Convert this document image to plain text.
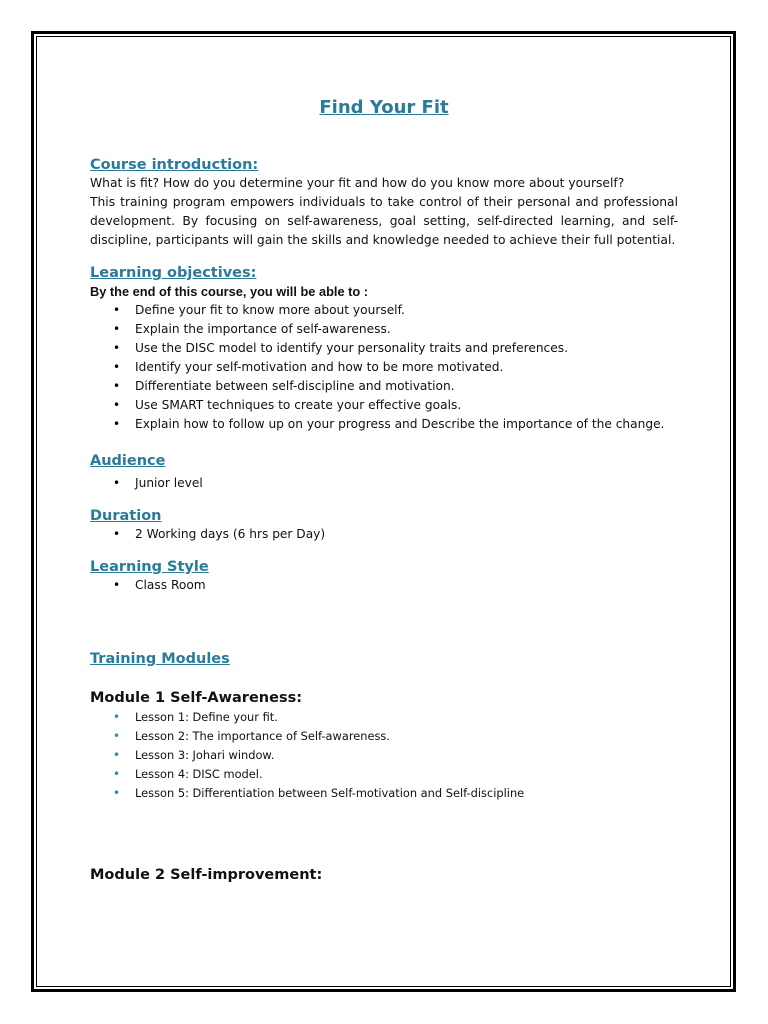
Find Your Fit
Course introduction:

What is fit? How do you determine your fit and how do you know more about yourself?

This training program empowers individuals to take control of their personal and professional development. By focusing on self-awareness, goal setting, self-directed learning, and self-discipline, participants will gain the skills and knowledge needed to achieve their full potential.

Learning objectives:

By the end of this course, you will be able to :

• Define your fit to know more about yourself.
• Explain the importance of self-awareness.
• Use the DISC model to identify your personality traits and preferences.
• Identify your self-motivation and how to be more motivated.
• Differentiate between self-discipline and motivation.
• Use SMART techniques to create your effective goals.
• Explain how to follow up on your progress and Describe the importance of the change.
Audience
• Junior level
Duration
• 2 Working days (6 hrs per Day)
Learning Style
• Class Room
Training Modules
Module 1 Self-Awareness:
• Lesson 1: Define your fit.
• Lesson 2: The importance of Self-awareness.
• Lesson 3: Johari window.
• Lesson 4: DISC model.
• Lesson 5: Differentiation between Self-motivation and Self-discipline
Module 2 Self-improvement:
